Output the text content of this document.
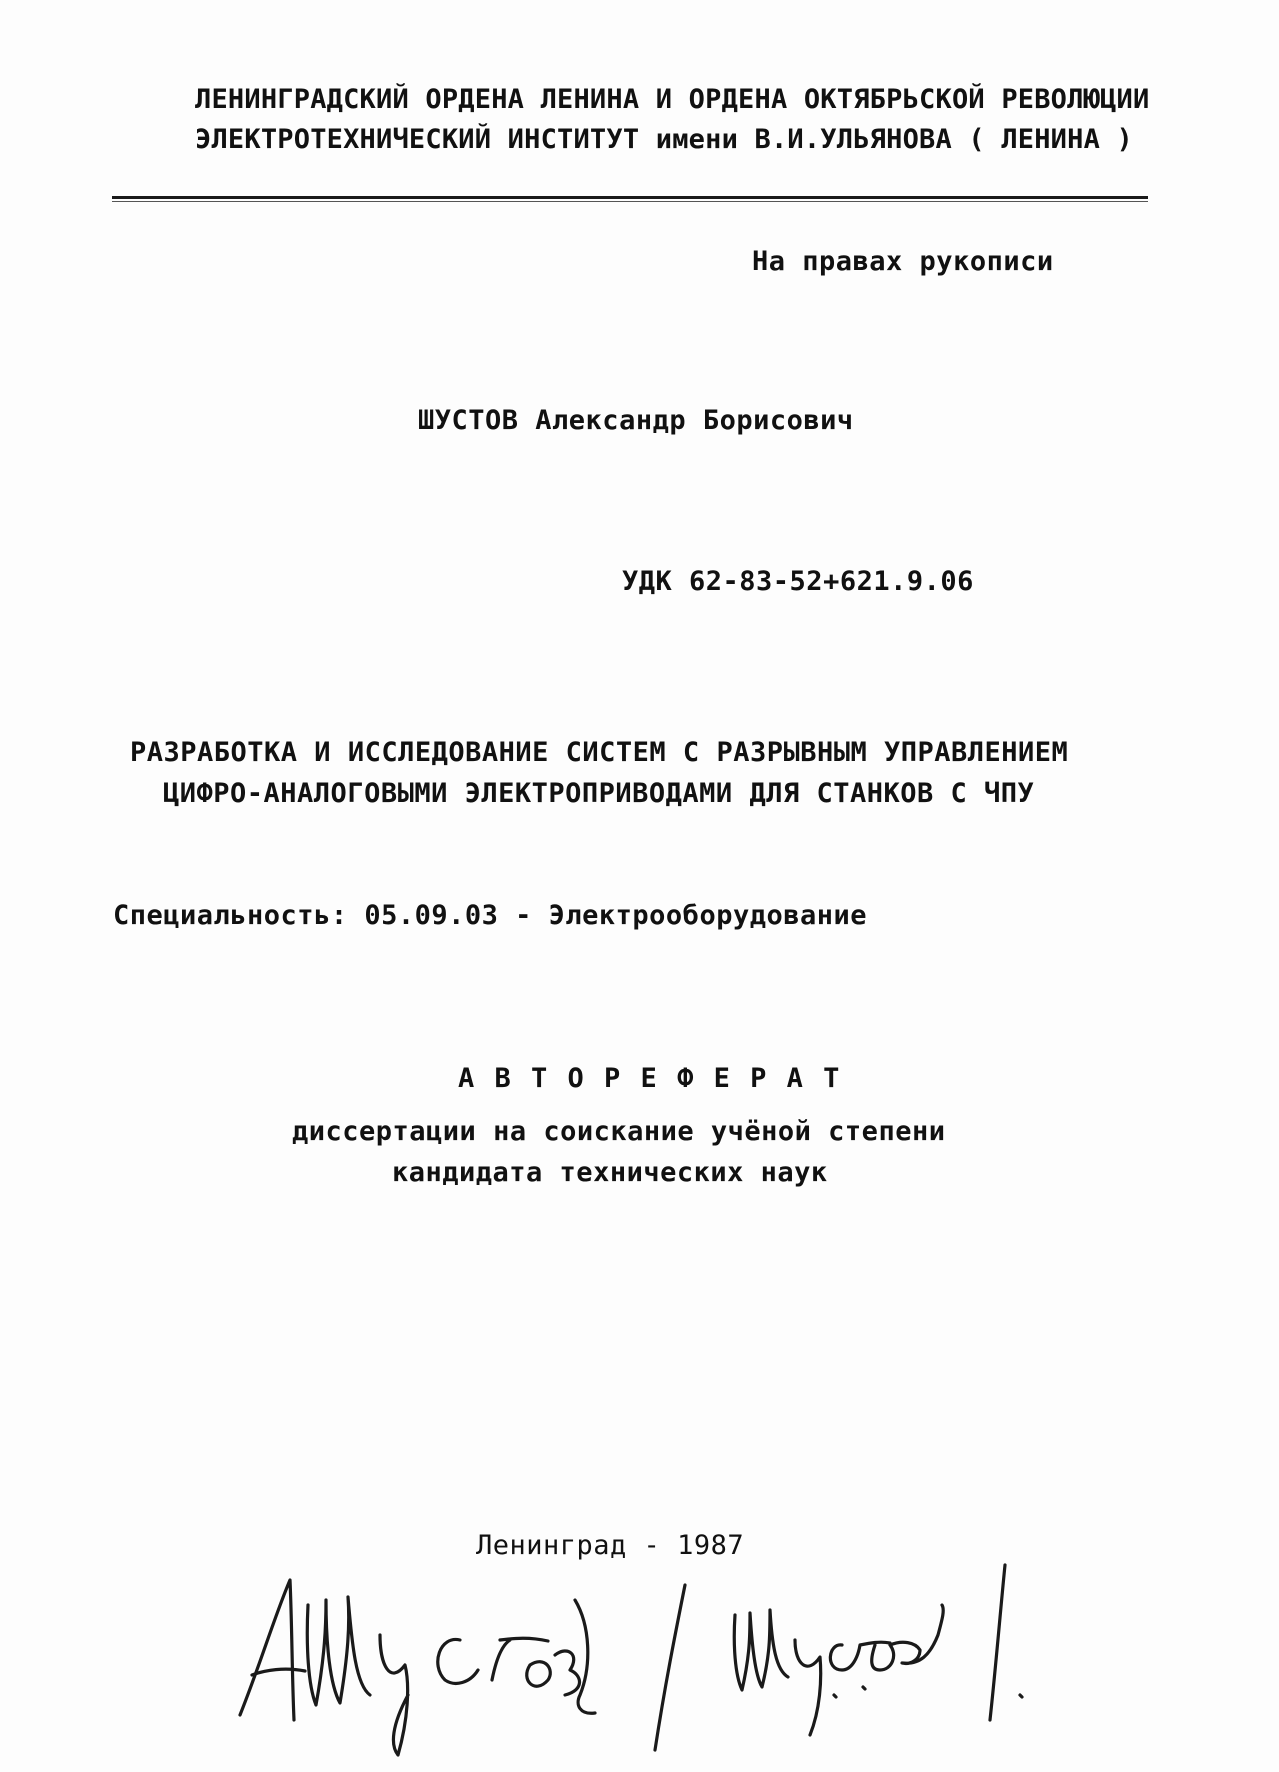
ЛЕНИНГРАДСКИЙ ОРДЕНА ЛЕНИНА И ОРДЕНА ОКТЯБРЬСКОЙ РЕВОЛЮЦИИ
ЭЛЕКТРОТЕХНИЧЕСКИЙ ИНСТИТУТ имени В.И.УЛЬЯНОВА ( ЛЕНИНА )
На правах рукописи
ШУСТОВ Александр Борисович
УДК 62-83-52+621.9.06
РАЗРАБОТКА И ИССЛЕДОВАНИЕ СИСТЕМ С РАЗРЫВНЫМ УПРАВЛЕНИЕМ
ЦИФРО-АНАЛОГОВЫМИ ЭЛЕКТРОПРИВОДАМИ ДЛЯ СТАНКОВ С ЧПУ
Специальность: 05.09.03 - Электрооборудование
А В Т О Р Е Ф Е Р А Т
диссертации на соискание учёной степени
кандидата технических наук
Ленинград - 1987
